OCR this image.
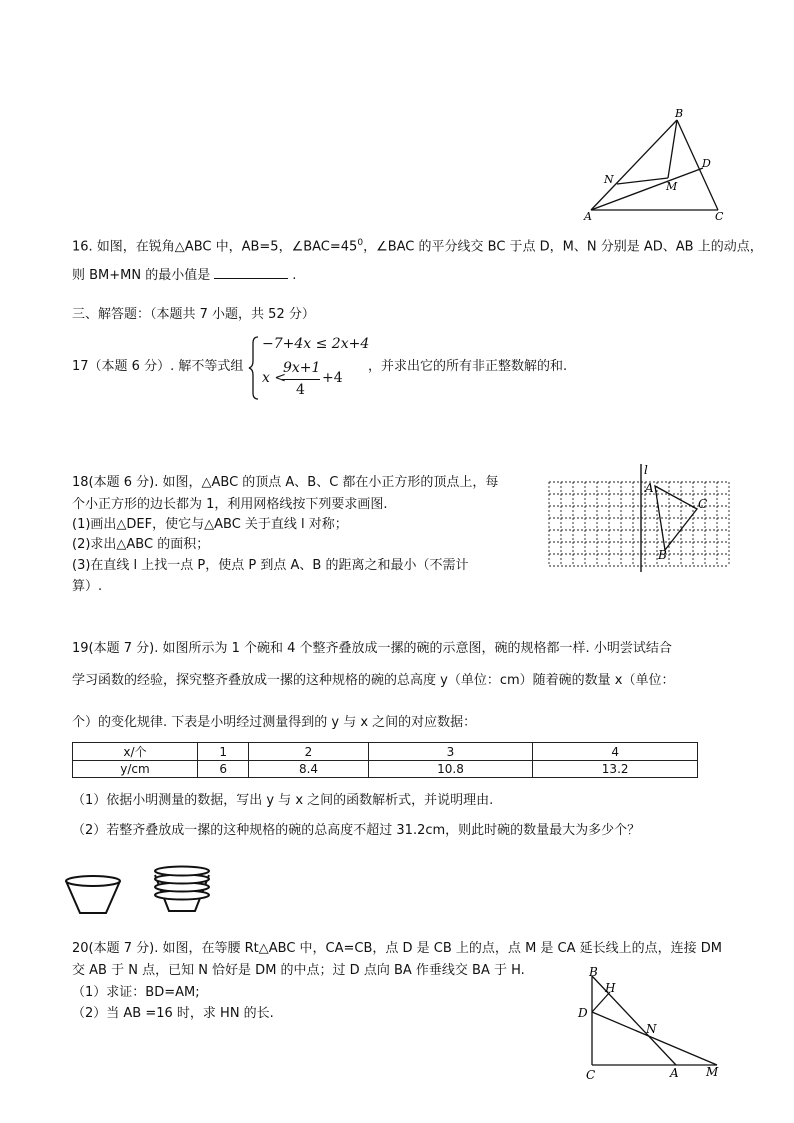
B
D
N
M
A	C
16. 如图，在锐角△ABC 中，AB=5，$\angle BAC=45^0$，∠BAC 的平分线交 BC 于点 D，M、N 分别是 AD、AB 上的动点，
则 BM+MN 的最小值是	.
三、解答题：（本题共 7 小题，共 52 分）
17（本题 6 分）. 解不等式组
−7+4x ≤ 2x+4
x <
9x+1
4
+4
，并求出它的所有非正整数解的和.
18(本题 6 分). 如图，△ABC 的顶点 A、B、C 都在小正方形的顶点上，每
个小正方形的边长都为 1，利用网格线按下列要求画图.
(1)画出△DEF，使它与△ABC 关于直线 l 对称；
(2)求出△ABC 的面积；
(3)在直线 l 上找一点 P，使点 P 到点 A、B 的距离之和最小（不需计
算）.
l
A
C
B
19(本题 7 分). 如图所示为 1 个碗和 4 个整齐叠放成一摞的碗的示意图，碗的规格都一样. 小明尝试结合
学习函数的经验，探究整齐叠放成一摞的这种规格的碗的总高度 y（单位：cm）随着碗的数量 x（单位：
个）的变化规律. 下表是小明经过测量得到的 y 与 x 之间的对应数据：
x/个	1	2	3	4
y/cm	6	8.4	10.8	13.2
（1）依据小明测量的数据，写出 y 与 x 之间的函数解析式，并说明理由.
（2）若整齐叠放成一摞的这种规格的碗的总高度不超过 31.2cm，则此时碗的数量最大为多少个？
20(本题 7 分). 如图，在等腰 Rt△ABC 中，CA=CB，点 D 是 CB 上的点，点 M 是 CA 延长线上的点，连接 DM
交 AB 于 N 点，已知 N 恰好是 DM 的中点；过 D 点向 BA 作垂线交 BA 于 H.
（1）求证：BD=AM;
（2）当 AB =16 时，求 HN 的长.
B
H
D
N
C	A M
